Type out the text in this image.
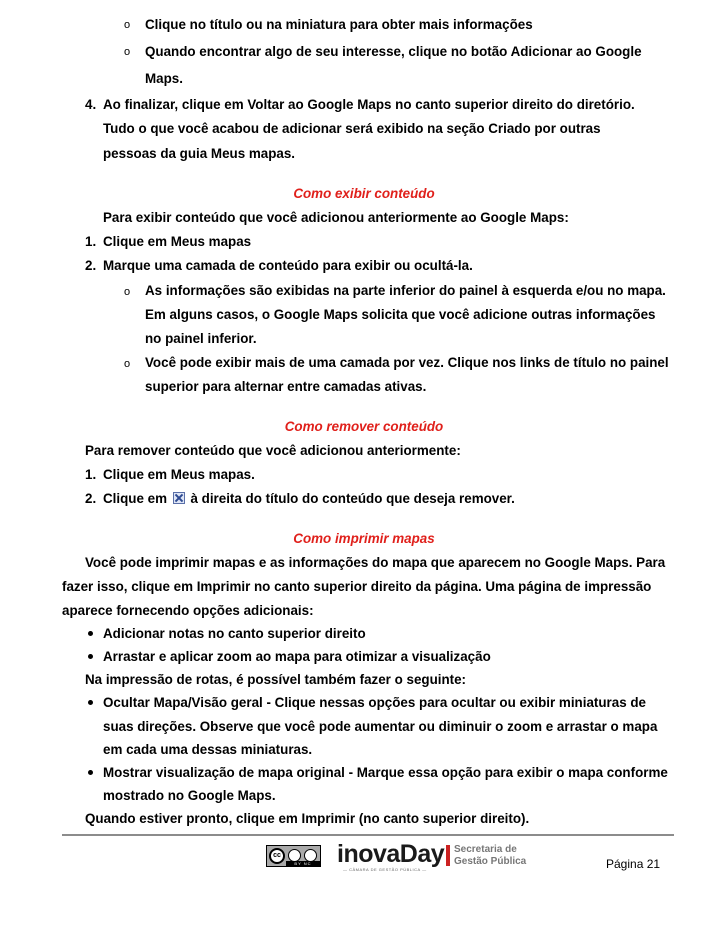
o Clique no título ou na miniatura para obter mais informações
o Quando encontrar algo de seu interesse, clique no botão Adicionar ao Google
Maps.
4. Ao finalizar, clique em Voltar ao Google Maps no canto superior direito do diretório.
Tudo o que você acabou de adicionar será exibido na seção Criado por outras
pessoas da guia Meus mapas.
Como exibir conteúdo
Para exibir conteúdo que você adicionou anteriormente ao Google Maps:
1. Clique em Meus mapas
2. Marque uma camada de conteúdo para exibir ou ocultá-la.
o As informações são exibidas na parte inferior do painel à esquerda e/ou no mapa.
Em alguns casos, o Google Maps solicita que você adicione outras informações
no painel inferior.
o Você pode exibir mais de uma camada por vez. Clique nos links de título no painel
superior para alternar entre camadas ativas.
Como remover conteúdo
Para remover conteúdo que você adicionou anteriormente:
1. Clique em Meus mapas.
2. Clique em à direita do título do conteúdo que deseja remover.
Como imprimir mapas
Você pode imprimir mapas e as informações do mapa que aparecem no Google Maps. Para
fazer isso, clique em Imprimir no canto superior direito da página. Uma página de impressão
aparece fornecendo opções adicionais:
Adicionar notas no canto superior direito
Arrastar e aplicar zoom ao mapa para otimizar a visualização
Na impressão de rotas, é possível também fazer o seguinte:
Ocultar Mapa/Visão geral - Clique nessas opções para ocultar ou exibir miniaturas de
suas direções. Observe que você pode aumentar ou diminuir o zoom e arrastar o mapa
em cada uma dessas miniaturas.
Mostrar visualização de mapa original - Marque essa opção para exibir o mapa conforme
mostrado no Google Maps.
Quando estiver pronto, clique em Imprimir (no canto superior direito).
cc
BY NC	inovaDay
— CÂMARA DE GESTÃO PÚBLICA —
Secretaria de
Gestão Pública	Página 21
